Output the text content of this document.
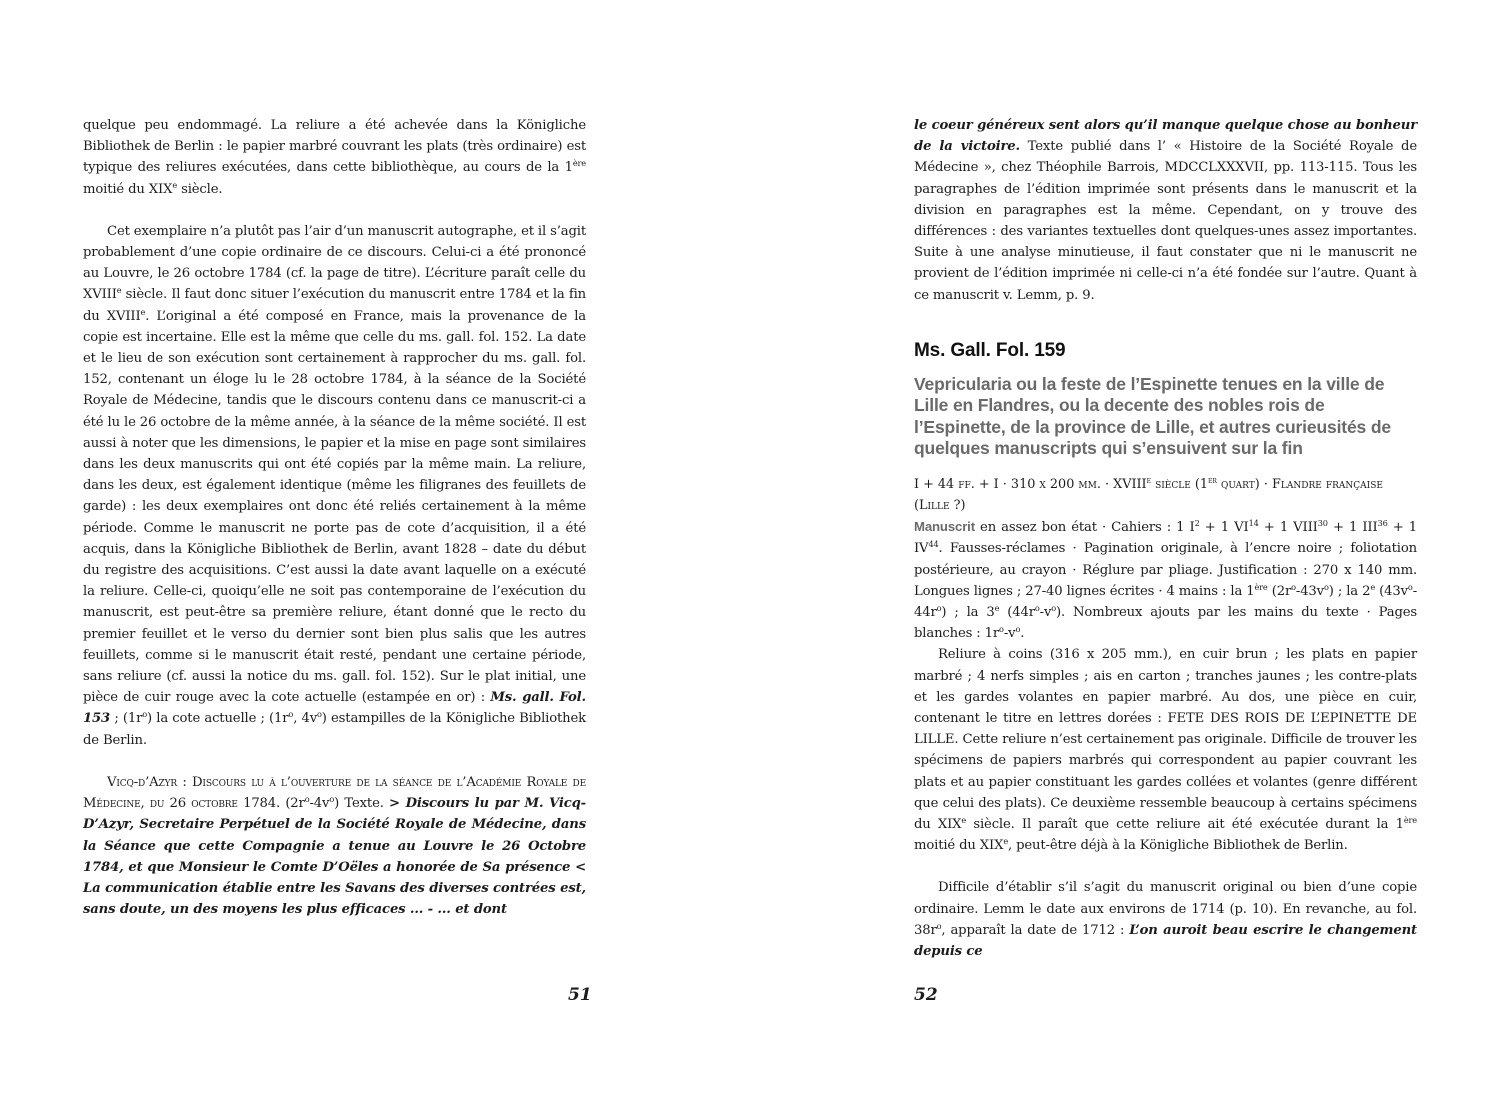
quelque peu endommagé. La reliure a été achevée dans la Königliche Bibliothek de Berlin : le papier marbré couvrant les plats (très ordinaire) est typique des reliures exécutées, dans cette bibliothèque, au cours de la 1ère moitié du XIXe siècle.

Cet exemplaire n’a plutôt pas l’air d’un manuscrit autographe, et il s’agit probablement d’une copie ordinaire de ce discours. Celui-ci a été prononcé au Louvre, le 26 octobre 1784 (cf. la page de titre). L’écriture paraît celle du XVIIIe siècle. Il faut donc situer l’exécution du manuscrit entre 1784 et la fin du XVIIIe. L’original a été composé en France, mais la provenance de la copie est incertaine. Elle est la même que celle du ms. gall. fol. 152. La date et le lieu de son exécution sont certainement à rapprocher du ms. gall. fol. 152, contenant un éloge lu le 28 octobre 1784, à la séance de la Société Royale de Médecine, tandis que le discours contenu dans ce manuscrit-ci a été lu le 26 octobre de la même année, à la séance de la même société. Il est aussi à noter que les dimensions, le papier et la mise en page sont similaires dans les deux manuscrits qui ont été copiés par la même main. La reliure, dans les deux, est également identique (même les filigranes des feuillets de garde) : les deux exemplaires ont donc été reliés certainement à la même période. Comme le manuscrit ne porte pas de cote d’acquisition, il a été acquis, dans la Königliche Bibliothek de Berlin, avant 1828 – date du début du registre des acquisitions. C’est aussi la date avant laquelle on a exécuté la reliure. Celle-ci, quoiqu’elle ne soit pas contemporaine de l’exécution du manuscrit, est peut-être sa première reliure, étant donné que le recto du premier feuillet et le verso du dernier sont bien plus salis que les autres feuillets, comme si le manuscrit était resté, pendant une certaine période, sans reliure (cf. aussi la notice du ms. gall. fol. 152). Sur le plat initial, une pièce de cuir rouge avec la cote actuelle (estampée en or) : Ms. gall. Fol. 153 ; $(1r^o)$ la cote actuelle ; ($1r^o$, $4v^o$) estampilles de la Königliche Bibliothek de Berlin.

Vicq-d’Azyr : Discours lu à l’ouverture de la séance de l’Académie Royale de Médecine, du 26 octobre 1784. $(2r^o-4v^o)$ Texte. > Discours lu par M. Vicq-D’Azyr, Secretaire Perpétuel de la Société Royale de Médecine, dans la Séance que cette Compagnie a tenue au Louvre le 26 Octobre 1784, et que Monsieur le Comte D’Oëles a honorée de Sa présence < La communication établie entre les Savans des diverses contrées est, sans doute, un des moyens les plus efficaces ... - ... et dont

51

le coeur généreux sent alors qu’il manque quelque chose au bonheur de la victoire. Texte publié dans l’ « Histoire de la Société Royale de Médecine », chez Théophile Barrois, MDCCLXXXVII, pp. 113-115. Tous les paragraphes de l’édition imprimée sont présents dans le manuscrit et la division en paragraphes est la même. Cependant, on y trouve des différences : des variantes textuelles dont quelques-unes assez importantes. Suite à une analyse minutieuse, il faut constater que ni le manuscrit ne provient de l’édition imprimée ni celle-ci n’a été fondée sur l’autre. Quant à ce manuscrit v. Lemm, p. 9.

Ms. Gall. Fol. 159
Vepricularia ou la feste de l’Espinette tenues en la ville de Lille en Flandres, ou la decente des nobles rois de l’Espinette, de la province de Lille, et autres curieusités de quelques manuscripts qui s’ensuivent sur la fin

I + 44 ff. + I · 310 x 200 mm. · $XVIII^e$ siècle (1er quart) · Flandre française (Lille ?)

Manuscrit en assez bon état · Cahiers : 1 $I^2 + 1$ $VI^{14} + 1$ $VIII^{30} + 1$ $III^{36} + 1$ IV$^{44}$. Fausses-réclames · Pagination originale, à l’encre noire ; foliotation postérieure, au crayon · Réglure par pliage. Justification : 270 x 140 mm. Longues lignes ; 27-40 lignes écrites · 4 mains : la 1ère $(2r^o-43v^o)$ ; la 2e $(43v^o-44r^o)$ ; la 3e $(44r^o-v^o)$. Nombreux ajouts par les mains du texte · Pages blanches : $1r^o-v^o$.

Reliure à coins (316 x 205 mm.), en cuir brun ; les plats en papier marbré ; 4 nerfs simples ; ais en carton ; tranches jaunes ; les contre-plats et les gardes volantes en papier marbré. Au dos, une pièce en cuir, contenant le titre en lettres dorées : FETE DES ROIS DE L’EPINETTE DE LILLE. Cette reliure n’est certainement pas originale. Difficile de trouver les spécimens de papiers marbrés qui correspondent au papier couvrant les plats et au papier constituant les gardes collées et volantes (genre différent que celui des plats). Ce deuxième ressemble beaucoup à certains spécimens du XIXe siècle. Il paraît que cette reliure ait été exécutée durant la 1ère moitié du XIXe, peut-être déjà à la Königliche Bibliothek de Berlin.

Difficile d’établir s’il s’agit du manuscrit original ou bien d’une copie ordinaire. Lemm le date aux environs de 1714 (p. 10). En revanche, au fol. $38r^o$, apparaît la date de 1712 : L’on auroit beau escrire le changement depuis ce

52
